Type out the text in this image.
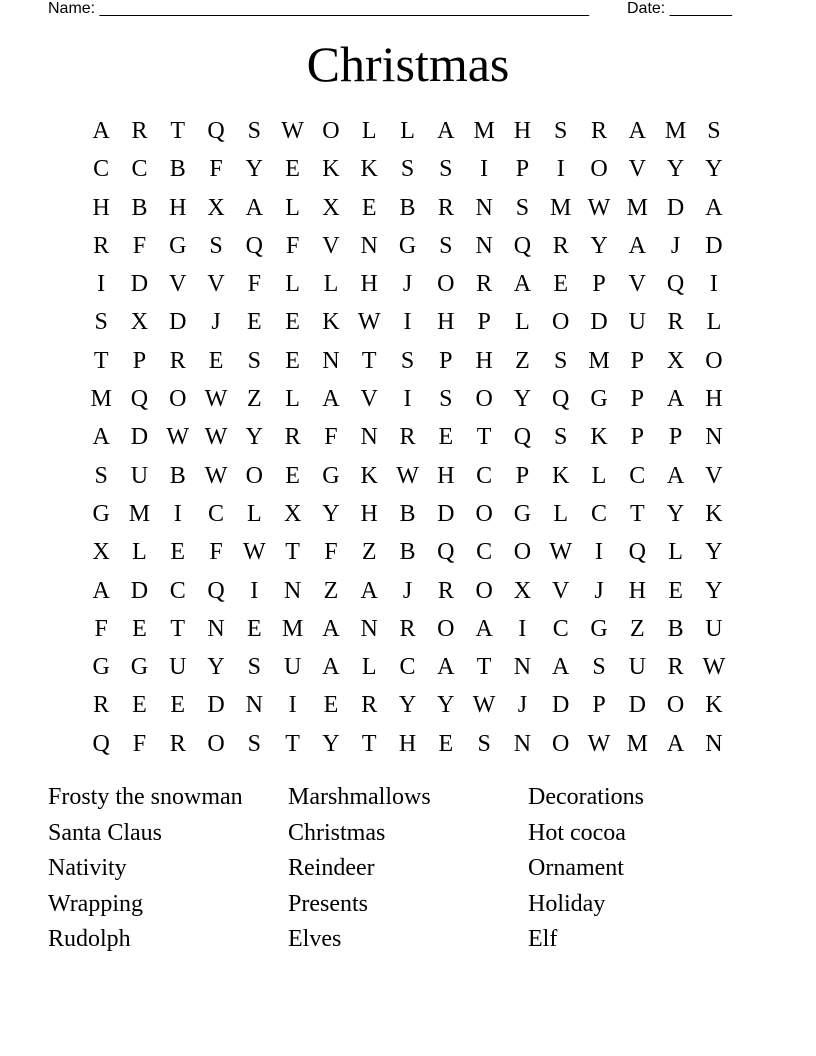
Name: _______________________________________________________ Date: _______
Christmas
A R T Q S W O L L A M H S R A M S
C C B F Y E K K S	S	I	P	I	O V Y Y
H B H X A L X E B R N S M W M D A
R F G S Q F V N G S N Q R Y A	J	D
I	D V V F	L L H	J	O R A E	P V Q	I
S X D	J	E E K W I	H P	L O D U R L
T	P R E	S	E N T	S	P H Z	S M P X O
M Q O W Z L A V	I	S O Y Q G P A H
A D W W Y R F N R E T Q S K P	P N
S U B W O E G K W H C P K L C A V
G M I	C L X Y H B D O G L C T Y K
X L E	F W T	F	Z B Q C O W I	Q L Y
A D C Q	I	N Z A	J	R O X V	J	H E Y
F	E T N E M A N R O A	I	C G Z B U
G G U Y S U A L C A T N A S U R W
R E E D N	I	E R Y Y W J	D P D O K
Q F R O S	T Y T H E	S N O W M A N
Frosty the snowman
Santa Claus
Nativity
Wrapping
Rudolph
Marshmallows
Christmas
Reindeer
Presents
Elves
Decorations
Hot cocoa
Ornament
Holiday
Elf
